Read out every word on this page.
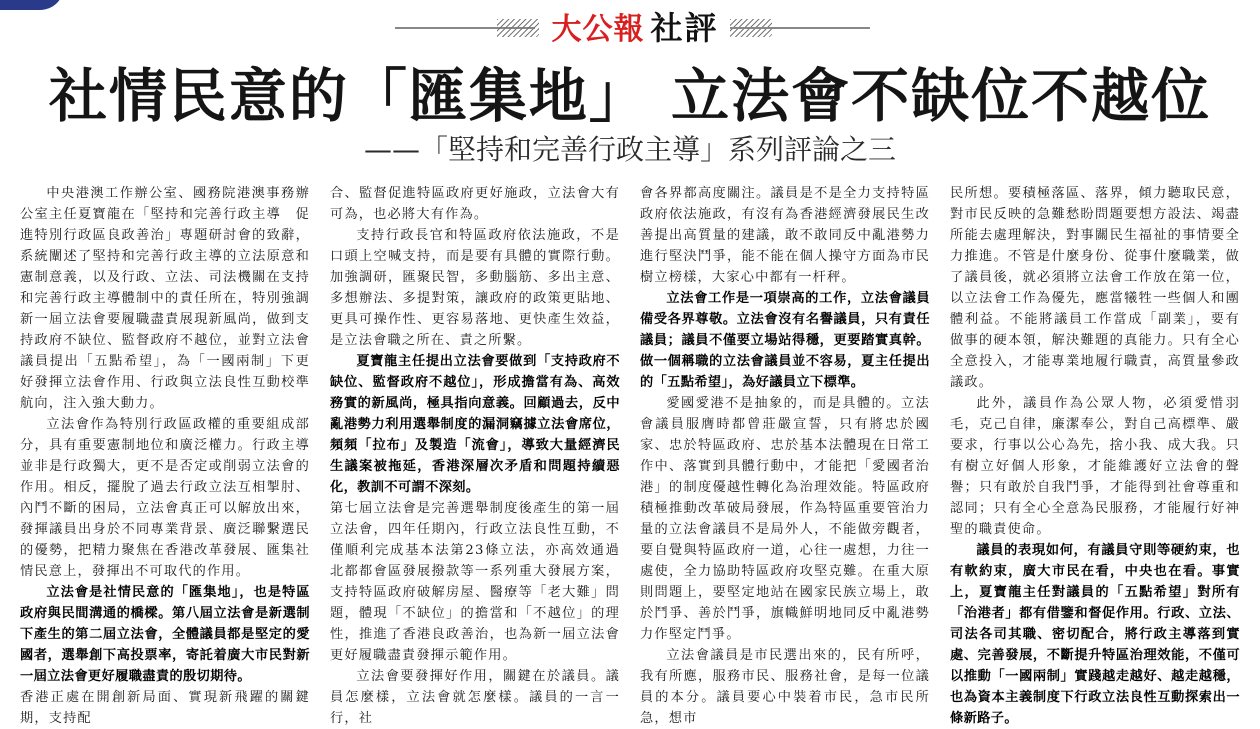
大公報 社評
社情民意的「匯集地」 立法會不缺位不越位
——「堅持和完善行政主導」系列評論之三

中央港澳工作辦公室、國務院港澳事務辦公室主任夏寶龍在「堅持和完善行政主導　促進特別行政區良政善治」專題研討會的致辭，系統闡述了堅持和完善行政主導的立法原意和憲制意義，以及行政、立法、司法機關在支持和完善行政主導體制中的責任所在，特別強調新一屆立法會要履職盡責展現新風尚，做到支持政府不缺位、監督政府不越位，並對立法會議員提出「五點希望」，為「一國兩制」下更好發揮立法會作用、行政與立法良性互動校準航向，注入強大動力。

立法會作為特別行政區政權的重要組成部分，具有重要憲制地位和廣泛權力。行政主導並非是行政獨大，更不是否定或削弱立法會的作用。相反，擺脫了過去行政立法互相掣肘、內鬥不斷的困局，立法會真正可以解放出來，發揮議員出身於不同專業背景、廣泛聯繫選民的優勢，把精力聚焦在香港改革發展、匯集社情民意上，發揮出不可取代的作用。

立法會是社情民意的「匯集地」，也是特區政府與民間溝通的橋樑。第八屆立法會是新選制下產生的第二屆立法會，全體議員都是堅定的愛國者，選舉創下高投票率，寄託着廣大市民對新一屆立法會更好履職盡責的殷切期待。

香港正處在開創新局面、實現新飛躍的關鍵期，支持配

合、監督促進特區政府更好施政，立法會大有可為，也必將大有作為。

支持行政長官和特區政府依法施政，不是口頭上空喊支持，而是要有具體的實際行動。加強調研，匯聚民智，多動腦筋、多出主意、多想辦法、多提對策，讓政府的政策更貼地、更具可操作性、更容易落地、更快產生效益，是立法會職之所在、責之所繫。

夏寶龍主任提出立法會要做到「支持政府不缺位、監督政府不越位」，形成擔當有為、高效務實的新風尚，極具指向意義。回顧過去，反中亂港勢力利用選舉制度的漏洞竊據立法會席位，頻頻「拉布」及製造「流會」，導致大量經濟民生議案被拖延，香港深層次矛盾和問題持續惡化，教訓不可謂不深刻。

第七屆立法會是完善選舉制度後產生的第一屆立法會，四年任期內，行政立法良性互動，不僅順利完成基本法第23條立法，亦高效通過北都都會區發展撥款等一系列重大發展方案，支持特區政府破解房屋、醫療等「老大難」問題，體現「不缺位」的擔當和「不越位」的理性，推進了香港良政善治，也為新一屆立法會更好履職盡責發揮示範作用。

立法會要發揮好作用，關鍵在於議員。議員怎麼樣，立法會就怎麼樣。議員的一言一行，社

會各界都高度關注。議員是不是全力支持特區政府依法施政，有沒有為香港經濟發展民生改善提出高質量的建議，敢不敢同反中亂港勢力進行堅決鬥爭，能不能在個人操守方面為市民樹立榜樣，大家心中都有一杆秤。

立法會工作是一項崇高的工作，立法會議員備受各界尊敬。立法會沒有名譽議員，只有責任議員；議員不僅要立場站得穩，更要踏實真幹。做一個稱職的立法會議員並不容易，夏主任提出的「五點希望」，為好議員立下標準。

愛國愛港不是抽象的，而是具體的。立法會議員服膺時都曾莊嚴宣誓，只有將忠於國家、忠於特區政府、忠於基本法體現在日常工作中、落實到具體行動中，才能把「愛國者治港」的制度優越性轉化為治理效能。特區政府積極推動改革破局發展，作為特區重要管治力量的立法會議員不是局外人，不能做旁觀者，要自覺與特區政府一道，心往一處想，力往一處使，全力協助特區政府攻堅克難。在重大原則問題上，要堅定地站在國家民族立場上，敢於鬥爭、善於鬥爭，旗幟鮮明地同反中亂港勢力作堅定鬥爭。

立法會議員是市民選出來的，民有所呼，我有所應，服務市民、服務社會，是每一位議員的本分。議員要心中裝着市民，急市民所急，想市

民所想。要積極落區、落界，傾力聽取民意，對市民反映的急難愁盼問題要想方設法、竭盡所能去處理解決，對事關民生福祉的事情要全力推進。不管是什麼身份、從事什麼職業，做了議員後，就必須將立法會工作放在第一位，以立法會工作為優先，應當犧牲一些個人和團體利益。不能將議員工作當成「副業」，要有做事的硬本領，解決難題的真能力。只有全心全意投入，才能專業地履行職責，高質量參政議政。

此外，議員作為公眾人物，必須愛惜羽毛，克己自律，廉潔奉公，對自己高標準、嚴要求，行事以公心為先，捨小我、成大我。只有樹立好個人形象，才能維護好立法會的聲譽；只有敢於自我鬥爭，才能得到社會尊重和認同；只有全心全意為民服務，才能履行好神聖的職責使命。

議員的表現如何，有議員守則等硬約束，也有軟約束，廣大市民在看，中央也在看。事實上，夏寶龍主任對議員的「五點希望」對所有「治港者」都有借鑒和督促作用。行政、立法、司法各司其職、密切配合，將行政主導落到實處、完善發展，不斷提升特區治理效能，不僅可以推動「一國兩制」實踐越走越好、越走越穩，也為資本主義制度下行政立法良性互動探索出一條新路子。
